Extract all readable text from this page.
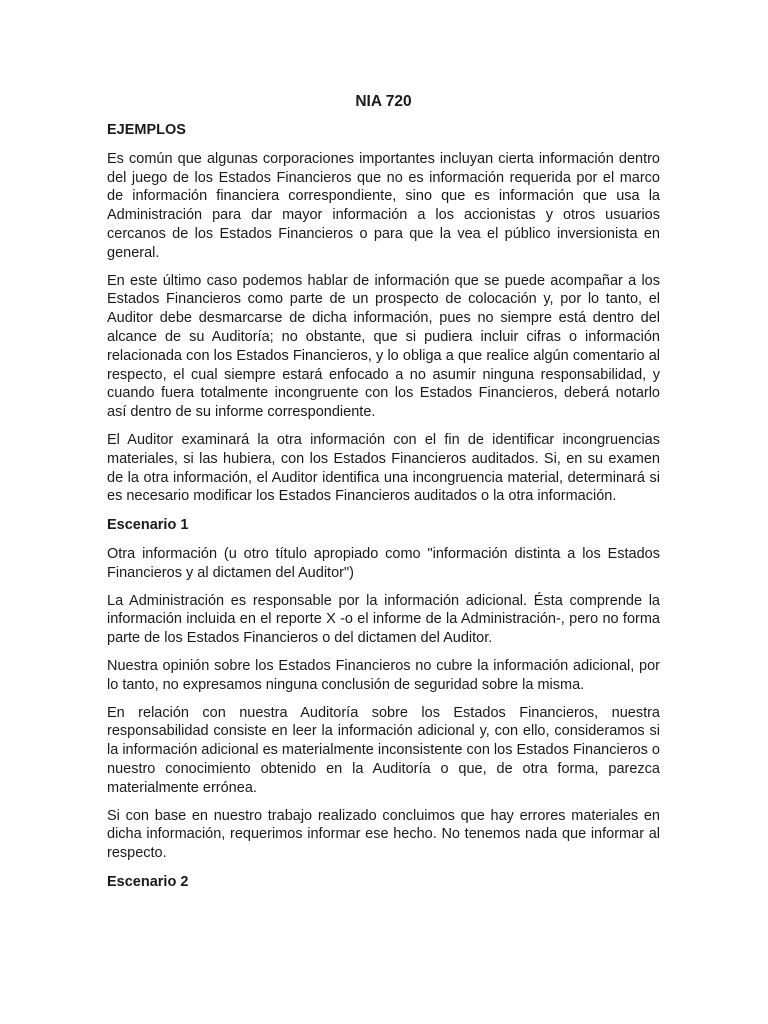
NIA 720
EJEMPLOS

Es común que algunas corporaciones importantes incluyan cierta información dentro del juego de los Estados Financieros que no es información requerida por el marco de información financiera correspondiente, sino que es información que usa la Administración para dar mayor información a los accionistas y otros usuarios cercanos de los Estados Financieros o para que la vea el público inversionista en general.

En este último caso podemos hablar de información que se puede acompañar a los Estados Financieros como parte de un prospecto de colocación y, por lo tanto, el Auditor debe desmarcarse de dicha información, pues no siempre está dentro del alcance de su Auditoría; no obstante, que si pudiera incluir cifras o información relacionada con los Estados Financieros, y lo obliga a que realice algún comentario al respecto, el cual siempre estará enfocado a no asumir ninguna responsabilidad, y cuando fuera totalmente incongruente con los Estados Financieros, deberá notarlo así dentro de su informe correspondiente.

El Auditor examinará la otra información con el fin de identificar incongruencias materiales, si las hubiera, con los Estados Financieros auditados. Si, en su examen de la otra información, el Auditor identifica una incongruencia material, determinará si es necesario modificar los Estados Financieros auditados o la otra información.

Escenario 1

Otra información (u otro título apropiado como "información distinta a los Estados Financieros y al dictamen del Auditor")

La Administración es responsable por la información adicional. Ésta comprende la información incluida en el reporte X -o el informe de la Administración-, pero no forma parte de los Estados Financieros o del dictamen del Auditor.

Nuestra opinión sobre los Estados Financieros no cubre la información adicional, por lo tanto, no expresamos ninguna conclusión de seguridad sobre la misma.

En relación con nuestra Auditoría sobre los Estados Financieros, nuestra responsabilidad consiste en leer la información adicional y, con ello, consideramos si la información adicional es materialmente inconsistente con los Estados Financieros o nuestro conocimiento obtenido en la Auditoría o que, de otra forma, parezca materialmente errónea.

Si con base en nuestro trabajo realizado concluimos que hay errores materiales en dicha información, requerimos informar ese hecho. No tenemos nada que informar al respecto.

Escenario 2
